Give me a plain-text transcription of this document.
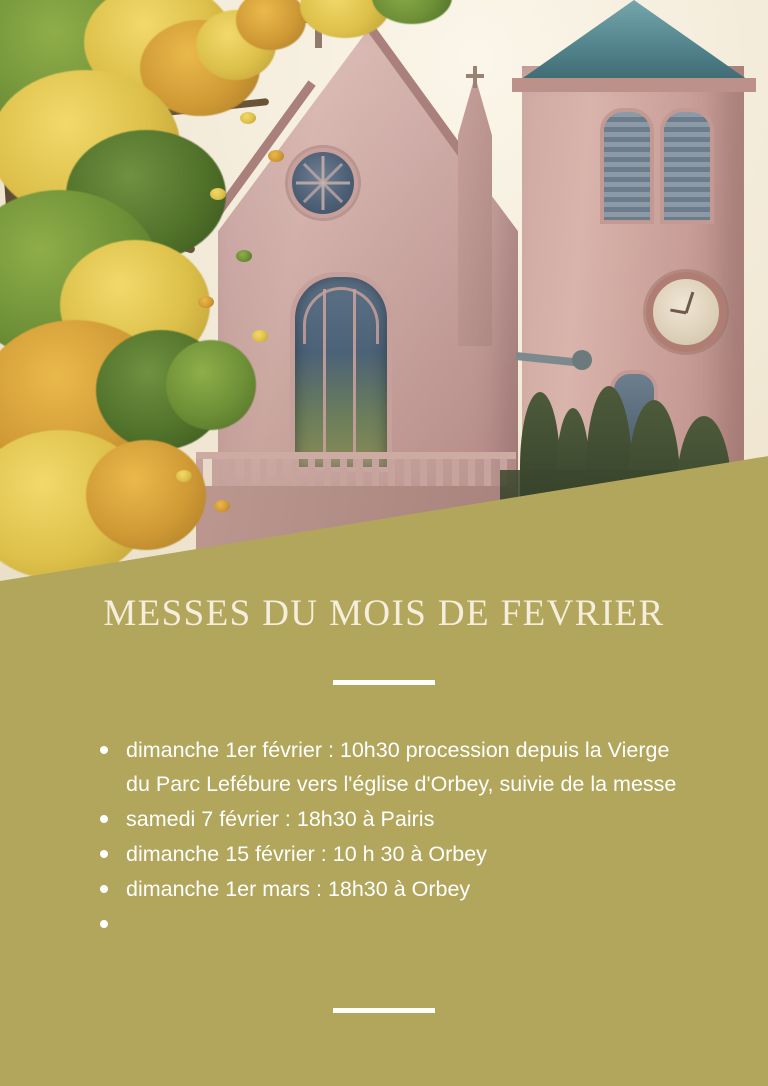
MESSES DU MOIS DE FEVRIER
dimanche 1er février : 10h30 procession depuis la Vierge du Parc Lefébure vers l'église d'Orbey, suivie de la messe
samedi 7 février : 18h30 à Pairis
dimanche 15 février : 10 h 30 à Orbey
dimanche 1er mars : 18h30 à Orbey
